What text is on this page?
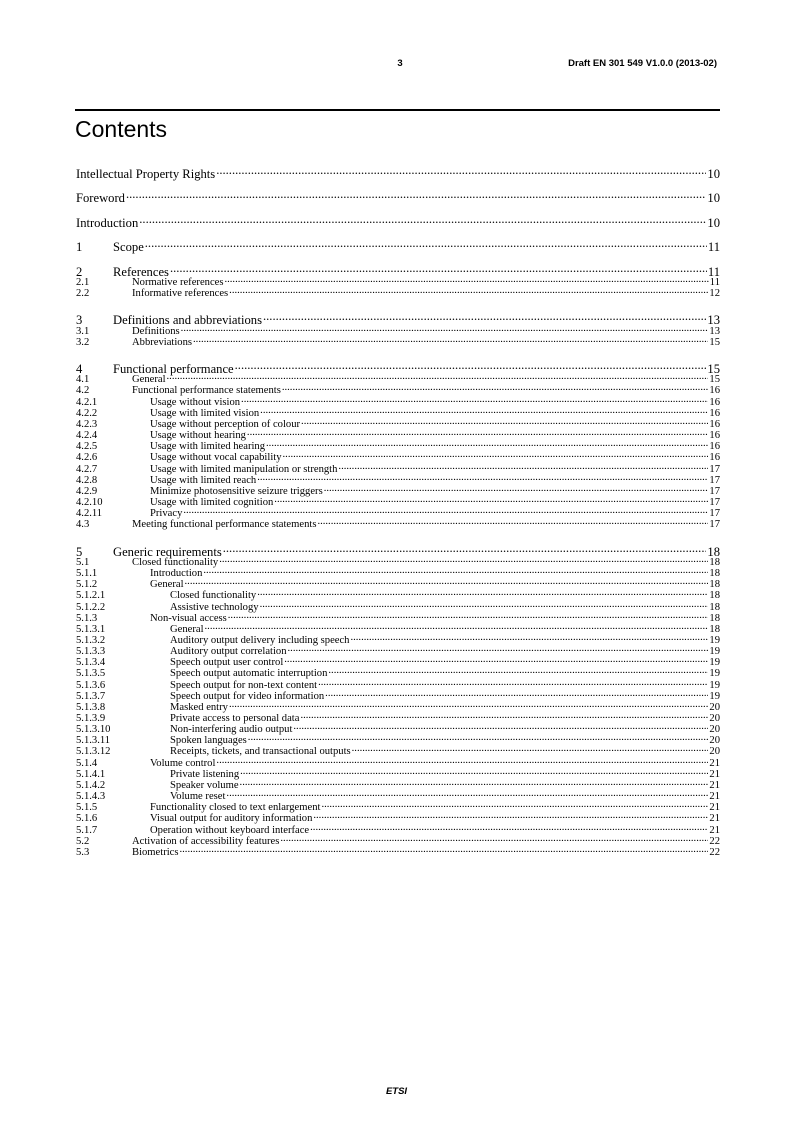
3	Draft EN 301 549 V1.0.0 (2013-02)
Contents
Intellectual Property Rights .....	10
Foreword .....	10
Introduction .....	10
1	Scope .....	11
2	References .....	11
2.1	Normative references .....	11
2.2	Informative references .....	12
3	Definitions and abbreviations .....	13
3.1	Definitions .....	13
3.2	Abbreviations .....	15
4	Functional performance .....	15
4.1	General .....	15
4.2	Functional performance statements .....	16
4.2.1	Usage without vision .....	16
4.2.2	Usage with limited vision .....	16
4.2.3	Usage without perception of colour .....	16
4.2.4	Usage without hearing .....	16
4.2.5	Usage with limited hearing .....	16
4.2.6	Usage without vocal capability .....	16
4.2.7	Usage with limited manipulation or strength .....	17
4.2.8	Usage with limited reach .....	17
4.2.9	Minimize photosensitive seizure triggers .....	17
4.2.10	Usage with limited cognition .....	17
4.2.11	Privacy .....	17
4.3	Meeting functional performance statements .....	17
5	Generic requirements .....	18
5.1	Closed functionality .....	18
5.1.1	Introduction .....	18
5.1.2	General .....	18
5.1.2.1	Closed functionality .....	18
5.1.2.2	Assistive technology .....	18
5.1.3	Non-visual access .....	18
5.1.3.1	General .....	18
5.1.3.2	Auditory output delivery including speech .....	19
5.1.3.3	Auditory output correlation .....	19
5.1.3.4	Speech output user control .....	19
5.1.3.5	Speech output automatic interruption .....	19
5.1.3.6	Speech output for non-text content .....	19
5.1.3.7	Speech output for video information .....	19
5.1.3.8	Masked entry .....	20
5.1.3.9	Private access to personal data .....	20
5.1.3.10	Non-interfering audio output .....	20
5.1.3.11	Spoken languages .....	20
5.1.3.12	Receipts, tickets, and transactional outputs .....	20
5.1.4	Volume control .....	21
5.1.4.1	Private listening .....	21
5.1.4.2	Speaker volume .....	21
5.1.4.3	Volume reset .....	21
5.1.5	Functionality closed to text enlargement .....	21
5.1.6	Visual output for auditory information .....	21
5.1.7	Operation without keyboard interface .....	21
5.2	Activation of accessibility features .....	22
5.3	Biometrics .....	22
ETSI
